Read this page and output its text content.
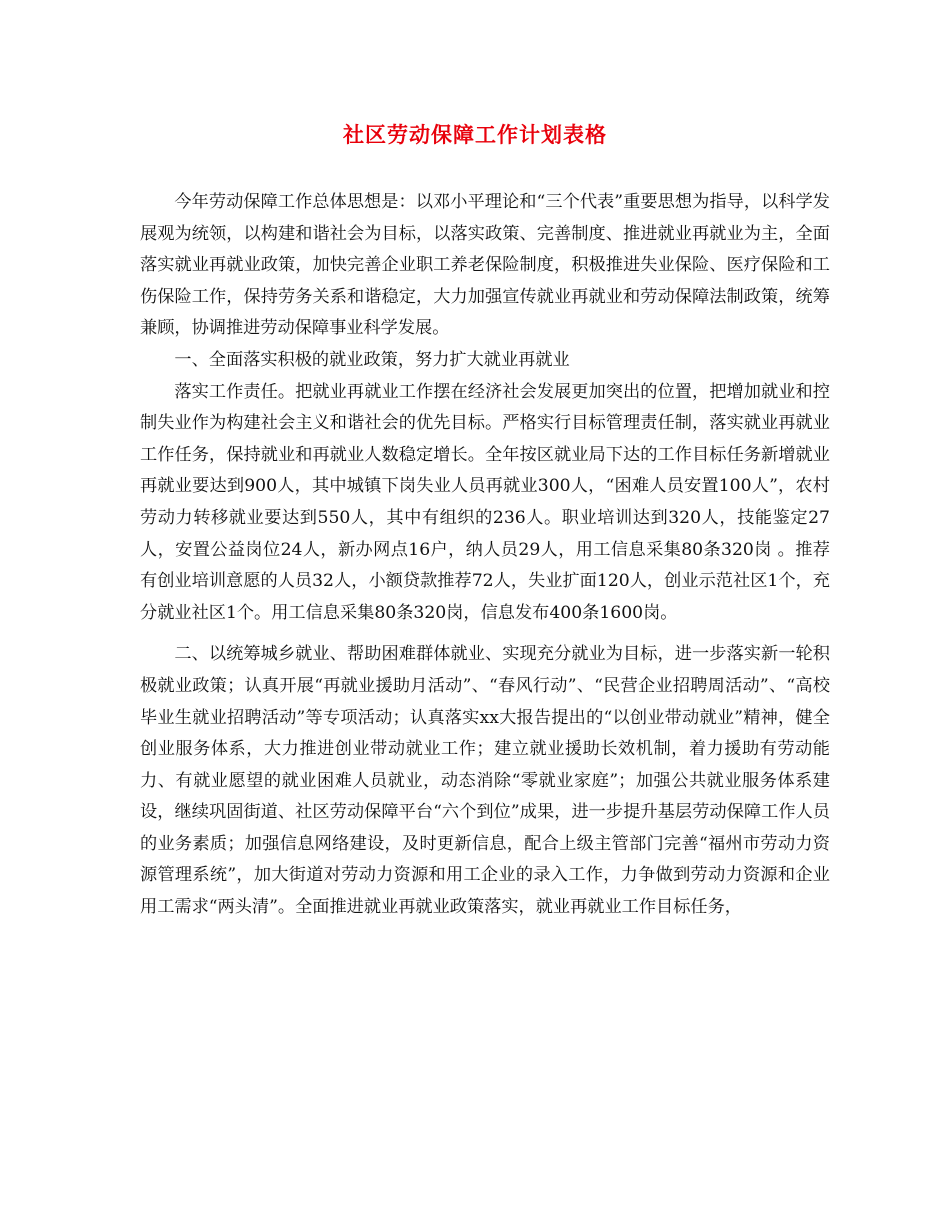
社区劳动保障工作计划表格

今年劳动保障工作总体思想是：以邓小平理论和“三个代表”重要思想为指导，以科学发展观为统领，以构建和谐社会为目标，以落实政策、完善制度、推进就业再就业为主，全面落实就业再就业政策，加快完善企业职工养老保险制度，积极推进失业保险、医疗保险和工伤保险工作，保持劳务关系和谐稳定，大力加强宣传就业再就业和劳动保障法制政策，统筹兼顾，协调推进劳动保障事业科学发展。

一、全面落实积极的就业政策，努力扩大就业再就业

落实工作责任。把就业再就业工作摆在经济社会发展更加突出的位置，把增加就业和控制失业作为构建社会主义和谐社会的优先目标。严格实行目标管理责任制，落实就业再就业工作任务，保持就业和再就业人数稳定增长。全年按区就业局下达的工作目标任务新增就业再就业要达到900人，其中城镇下岗失业人员再就业300人，“困难人员安置100人”，农村劳动力转移就业要达到550人，其中有组织的236人。职业培训达到320人，技能鉴定27人，安置公益岗位24人，新办网点16户，纳人员29人，用工信息采集80条320岗 。推荐有创业培训意愿的人员32人，小额贷款推荐72人，失业扩面120人，创业示范社区1个，充分就业社区1个。用工信息采集80条320岗，信息发布400条1600岗。

二、以统筹城乡就业、帮助困难群体就业、实现充分就业为目标，进一步落实新一轮积极就业政策；认真开展“再就业援助月活动”、“春风行动”、“民营企业招聘周活动”、“高校毕业生就业招聘活动”等专项活动；认真落实xx大报告提出的“以创业带动就业”精神，健全创业服务体系，大力推进创业带动就业工作；建立就业援助长效机制，着力援助有劳动能力、有就业愿望的就业困难人员就业，动态消除“零就业家庭”；加强公共就业服务体系建设，继续巩固街道、社区劳动保障平台“六个到位”成果，进一步提升基层劳动保障工作人员的业务素质；加强信息网络建设，及时更新信息，配合上级主管部门完善“福州市劳动力资源管理系统”，加大街道对劳动力资源和用工企业的录入工作，力争做到劳动力资源和企业用工需求“两头清”。全面推进就业再就业政策落实，就业再就业工作目标任务，
